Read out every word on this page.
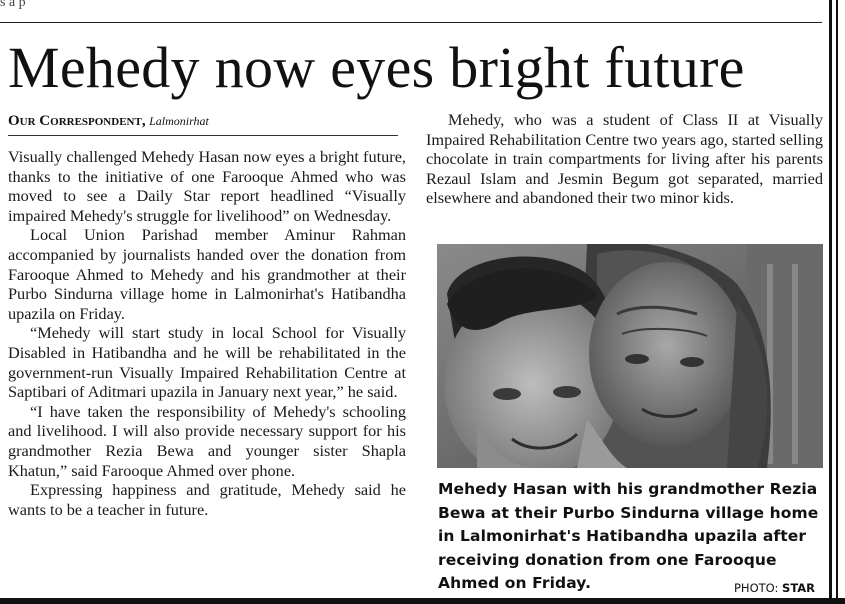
s a p
Mehedy now eyes bright future
Our Correspondent, Lalmonirhat

Visually challenged Mehedy Hasan now eyes a bright future, thanks to the initiative of one Farooque Ahmed who was moved to see a Daily Star report headlined “Visually impaired Mehedy's struggle for livelihood” on Wednesday.

Local Union Parishad member Aminur Rahman accompanied by journalists handed over the donation from Farooque Ahmed to Mehedy and his grandmother at their Purbo Sindurna village home in Lalmonirhat's Hatibandha upazila on Friday.

“Mehedy will start study in local School for Visually Disabled in Hatibandha and he will be rehabilitated in the government-run Visually Impaired Rehabilitation Centre at Saptibari of Aditmari upazila in January next year,” he said.

“I have taken the responsibility of Mehedy's schooling and livelihood. I will also provide necessary support for his grandmother Rezia Bewa and younger sister Shapla Khatun,” said Farooque Ahmed over phone.

Expressing happiness and gratitude, Mehedy said he wants to be a teacher in future.

Mehedy, who was a student of Class II at Visually Impaired Rehabilitation Centre two years ago, started selling chocolate in train compartments for living after his parents Rezaul Islam and Jesmin Begum got separated, married elsewhere and abandoned their two minor kids.

Mehedy Hasan with his grandmother Rezia Bewa at their Purbo Sindurna village home in Lalmonirhat's Hatibandha upazila after receiving donation from one Farooque Ahmed on Friday.	PHOTO: STAR
